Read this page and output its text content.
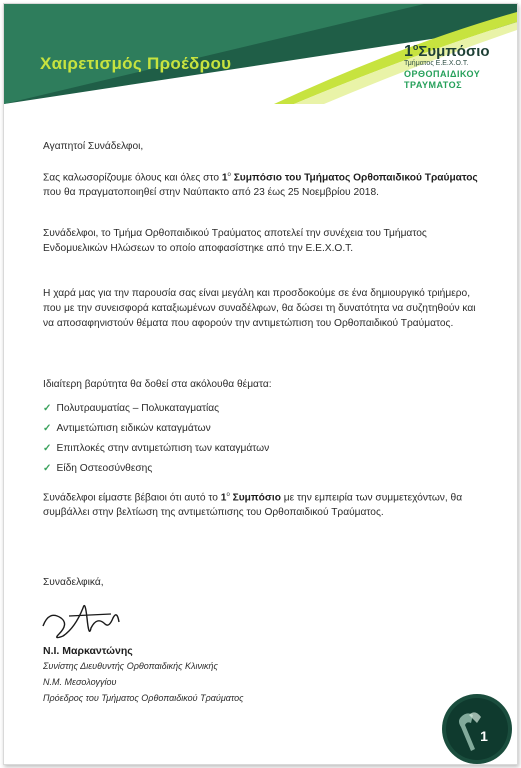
Χαιρετισμός Προέδρου
$1^o\Sigma\upsilon\mu\pi ό\sigma\iota o$
Τμήματος Ε.Ε.Χ.Ο.Τ.
ΟΡΘΟΠΑΙΔΙΚΟΥ
ΤΡΑΥΜΑΤΟΣ
Αγαπητοί Συνάδελφοι,
Σας καλωσορίζουμε όλους και όλες στο $1^o$ Συμπόσιο του Τμήματος Ορθοπαιδικού Τραύματος που θα πραγματοποιηθεί στην Ναύπακτο από 23 έως 25 Νοεμβρίου 2018.
Συνάδελφοι, το Τμήμα Ορθοπαιδικού Τραύματος αποτελεί την συνέχεια του Τμήματος Ενδομυελικών Ηλώσεων το οποίο αποφασίστηκε από την Ε.Ε.Χ.Ο.Τ.
Η χαρά μας για την παρουσία σας είναι μεγάλη και προσδοκούμε σε ένα δημιουργικό τριήμερο, που με την συνεισφορά καταξιωμένων συναδέλφων, θα δώσει τη δυνατότητα να συζητηθούν και να αποσαφηνιστούν θέματα που αφορούν την αντιμετώπιση του Ορθοπαιδικού Τραύματος.
Ιδιαίτερη βαρύτητα θα δοθεί στα ακόλουθα θέματα:
✓ Πολυτραυματίας – Πολυκαταγματίας
✓ Αντιμετώπιση ειδικών καταγμάτων
✓ Επιπλοκές στην αντιμετώπιση των καταγμάτων
✓ Είδη Οστεοσύνθεσης
Συνάδελφοι είμαστε βέβαιοι ότι αυτό το $1^o$ Συμπόσιο με την εμπειρία των συμμετεχόντων, θα συμβάλλει στην βελτίωση της αντιμετώπισης του Ορθοπαιδικού Τραύματος.
Συναδελφικά,
Ν.Ι. Μαρκαντώνης
Συνίστης Διευθυντής Ορθοπαιδικής Κλινικής
Ν.Μ. Μεσολογγίου
Πρόεδρος του Τμήματος Ορθοπαιδικού Τραύματος
1
